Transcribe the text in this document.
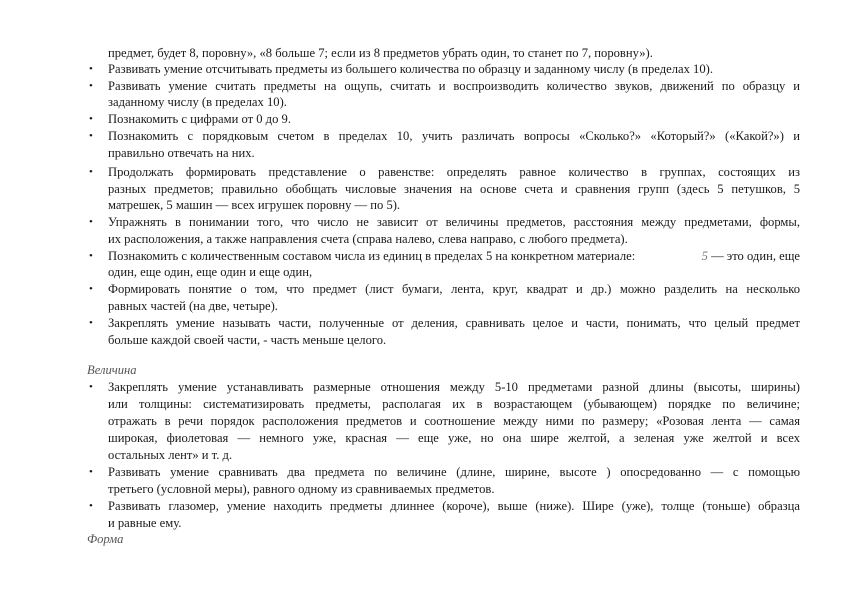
предмет, будет 8, поровну», «8 больше 7; если из 8 предметов убрать один, то станет по 7, поровну»).
• Развивать умение отсчитывать предметы из большего количества по образцу и заданному числу (в пределах 10).
• Развивать умение считать предметы на ощупь, считать и воспроизводить количество звуков, движений по образцу и
заданному числу (в пределах 10).
• Познакомить с цифрами от 0 до 9.
• Познакомить с порядковым счетом в пределах 10, учить различать вопросы «Сколько?» «Который?» («Какой?») и
правильно отвечать на них.
• Продолжать формировать представление о равенстве: определять равное количество в группах, состоящих из
разных предметов; правильно обобщать числовые значения на основе счета и сравнения групп (здесь 5 петушков, 5
матрешек, 5 машин — всех игрушек поровну — по 5).
• Упражнять в понимании того, что число не зависит от величины предметов, расстояния между предметами, формы,
их расположения, а также направления счета (справа налево, слева направо, с любого предмета).
• Познакомить с количественным составом числа из единиц в пределах 5 на конкретном материале:	5 — это один, еще
один, еще один, еще один и еще один,
• Формировать понятие о том, что предмет (лист бумаги, лента, круг, квадрат и др.) можно разделить на несколько
равных частей (на две, четыре).
• Закреплять умение называть части, полученные от деления, сравнивать целое и части, понимать, что целый предмет
больше каждой своей части, - часть меньше целого.
Величина
• Закреплять умение устанавливать размерные отношения между 5-10 предметами разной длины (высоты, ширины)
или толщины: систематизировать предметы, располагая их в возрастающем (убывающем) порядке по величине;
отражать в речи порядок расположения предметов и соотношение между ними по размеру; «Розовая лента — самая
широкая, фиолетовая — немного уже, красная — еще уже, но она шире желтой, а зеленая уже желтой и всех
остальных лент» и т. д.
• Развивать умение сравнивать два предмета по величине (длине, ширине, высоте ) опосредованно — с помощью
третьего (условной меры), равного одному из сравниваемых предметов.
• Развивать глазомер, умение находить предметы длиннее (короче), выше (ниже). Шире (уже), толще (тоньше) образца
и равные ему.
Форма
